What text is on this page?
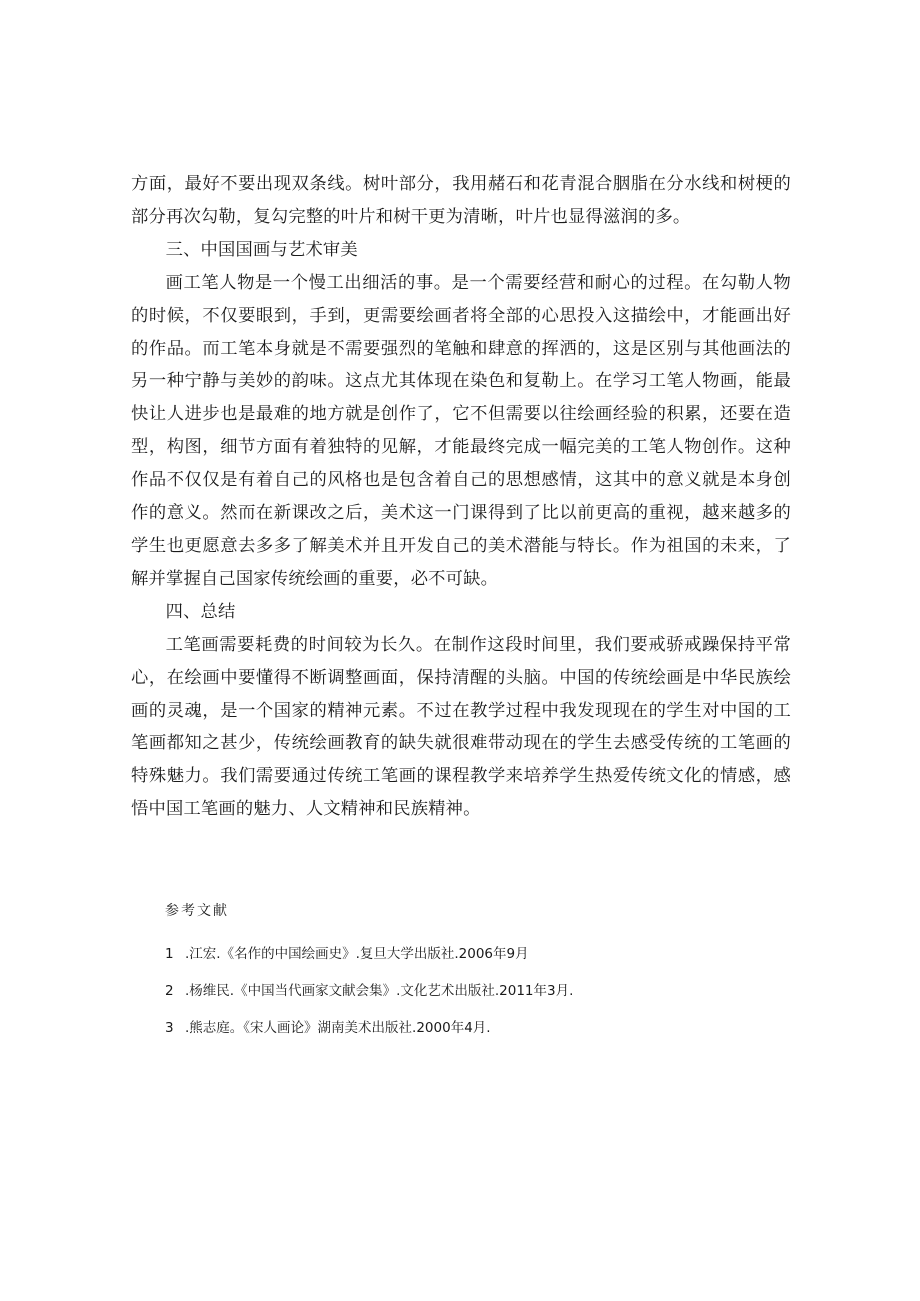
方面，最好不要出现双条线。树叶部分，我用赭石和花青混合胭脂在分水线和树梗的部分再次勾勒，复勾完整的叶片和树干更为清晰，叶片也显得滋润的多。

三、中国国画与艺术审美

画工笔人物是一个慢工出细活的事。是一个需要经营和耐心的过程。在勾勒人物的时候，不仅要眼到，手到，更需要绘画者将全部的心思投入这描绘中，才能画出好的作品。而工笔本身就是不需要强烈的笔触和肆意的挥洒的，这是区别与其他画法的另一种宁静与美妙的韵味。这点尤其体现在染色和复勒上。在学习工笔人物画，能最快让人进步也是最难的地方就是创作了，它不但需要以往绘画经验的积累，还要在造型，构图，细节方面有着独特的见解，才能最终完成一幅完美的工笔人物创作。这种作品不仅仅是有着自己的风格也是包含着自己的思想感情，这其中的意义就是本身创作的意义。然而在新课改之后，美术这一门课得到了比以前更高的重视，越来越多的学生也更愿意去多多了解美术并且开发自己的美术潜能与特长。作为祖国的未来，了解并掌握自己国家传统绘画的重要，必不可缺。

四、总结

工笔画需要耗费的时间较为长久。在制作这段时间里，我们要戒骄戒躁保持平常心，在绘画中要懂得不断调整画面，保持清醒的头脑。中国的传统绘画是中华民族绘画的灵魂，是一个国家的精神元素。不过在教学过程中我发现现在的学生对中国的工笔画都知之甚少，传统绘画教育的缺失就很难带动现在的学生去感受传统的工笔画的特殊魅力。我们需要通过传统工笔画的课程教学来培养学生热爱传统文化的情感，感悟中国工笔画的魅力、人文精神和民族精神。

参考文献
1 .江宏.《名作的中国绘画史》.复旦大学出版社.2006年9月
2 .杨维民.《中国当代画家文献会集》.文化艺术出版社.2011年3月.
3 .熊志庭。《宋人画论》湖南美术出版社.2000年4月.
